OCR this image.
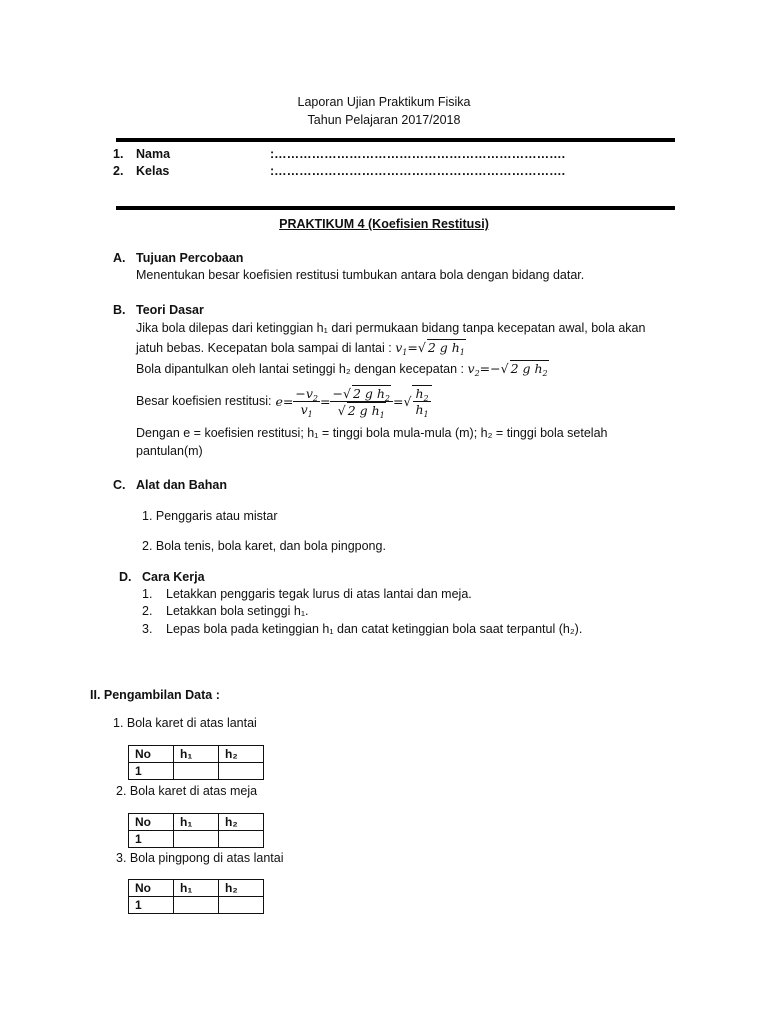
Laporan Ujian Praktikum Fisika
Tahun Pelajaran 2017/2018
1. Nama	:…………………………………………………………….
2. Kelas	:…………………………………………………………….
PRAKTIKUM 4 (Koefisien Restitusi)
A. Tujuan Percobaan
Menentukan besar koefisien restitusi tumbukan antara bola dengan bidang datar.
B. Teori Dasar
Jika bola dilepas dari ketinggian h₁ dari permukaan bidang tanpa kecepatan awal, bola akan
jatuh bebas. Kecepatan bola sampai di lantai : $v_1=√$ 2 g $h_1$
Bola dipantulkan oleh lantai setinggi h₂ dengan kecepatan : $v_2=-√$ 2 g $h_2$
Besar koefisien restitusi: $e= \frac{-v_2}{v_1} = \frac{-√ 2 g h_2}{√ 2 g h_1}$ =√ $\frac{h_2}{h_1}$
Dengan e = koefisien restitusi; h₁ = tinggi bola mula-mula (m); h₂ = tinggi bola setelah
pantulan(m)
C. Alat dan Bahan
1. Penggaris atau mistar
2. Bola tenis, bola karet, dan bola pingpong.
D. Cara Kerja
1. Letakkan penggaris tegak lurus di atas lantai dan meja.
2. Letakkan bola setinggi h₁.
3. Lepas bola pada ketinggian h₁ dan catat ketinggian bola saat terpantul (h₂).
II. Pengambilan Data :
1. Bola karet di atas lantai
No	h₁	h₂
1		
2. Bola karet di atas meja
No	h₁	h₂
1		
3. Bola pingpong di atas lantai
No	h₁	h₂
1		
